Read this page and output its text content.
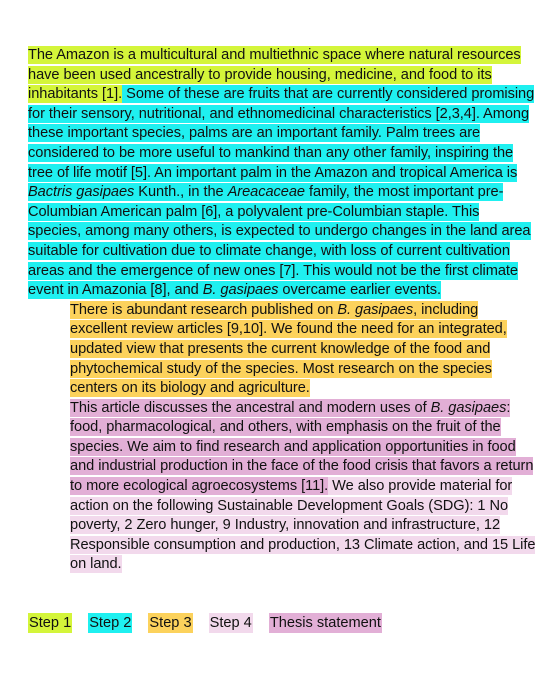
The Amazon is a multicultural and multiethnic space where natural resources have been used ancestrally to provide housing, medicine, and food to its inhabitants [1]. Some of these are fruits that are currently considered promising for their sensory, nutritional, and ethnomedicinal characteristics [2,3,4]. Among these important species, palms are an important family. Palm trees are considered to be more useful to mankind than any other family, inspiring the tree of life motif [5]. An important palm in the Amazon and tropical America is Bactris gasipaes Kunth., in the Areacaceae family, the most important pre-Columbian American palm [6], a polyvalent pre-Columbian staple. This species, among many others, is expected to undergo changes in the land area suitable for cultivation due to climate change, with loss of current cultivation areas and the emergence of new ones [7]. This would not be the first climate event in Amazonia [8], and B. gasipaes overcame earlier events.

There is abundant research published on B. gasipaes, including excellent review articles [9,10]. We found the need for an integrated, updated view that presents the current knowledge of the food and phytochemical study of the species. Most research on the species centers on its biology and agriculture.

This article discusses the ancestral and modern uses of B. gasipaes: food, pharmacological, and others, with emphasis on the fruit of the species. We aim to find research and application opportunities in food and industrial production in the face of the food crisis that favors a return to more ecological agroecosystems [11]. We also provide material for action on the following Sustainable Development Goals (SDG): 1 No poverty, 2 Zero hunger, 9 Industry, innovation and infrastructure, 12 Responsible consumption and production, 13 Climate action, and 15 Life on land.

Step 1 Step 2 Step 3 Step 4 Thesis statement
